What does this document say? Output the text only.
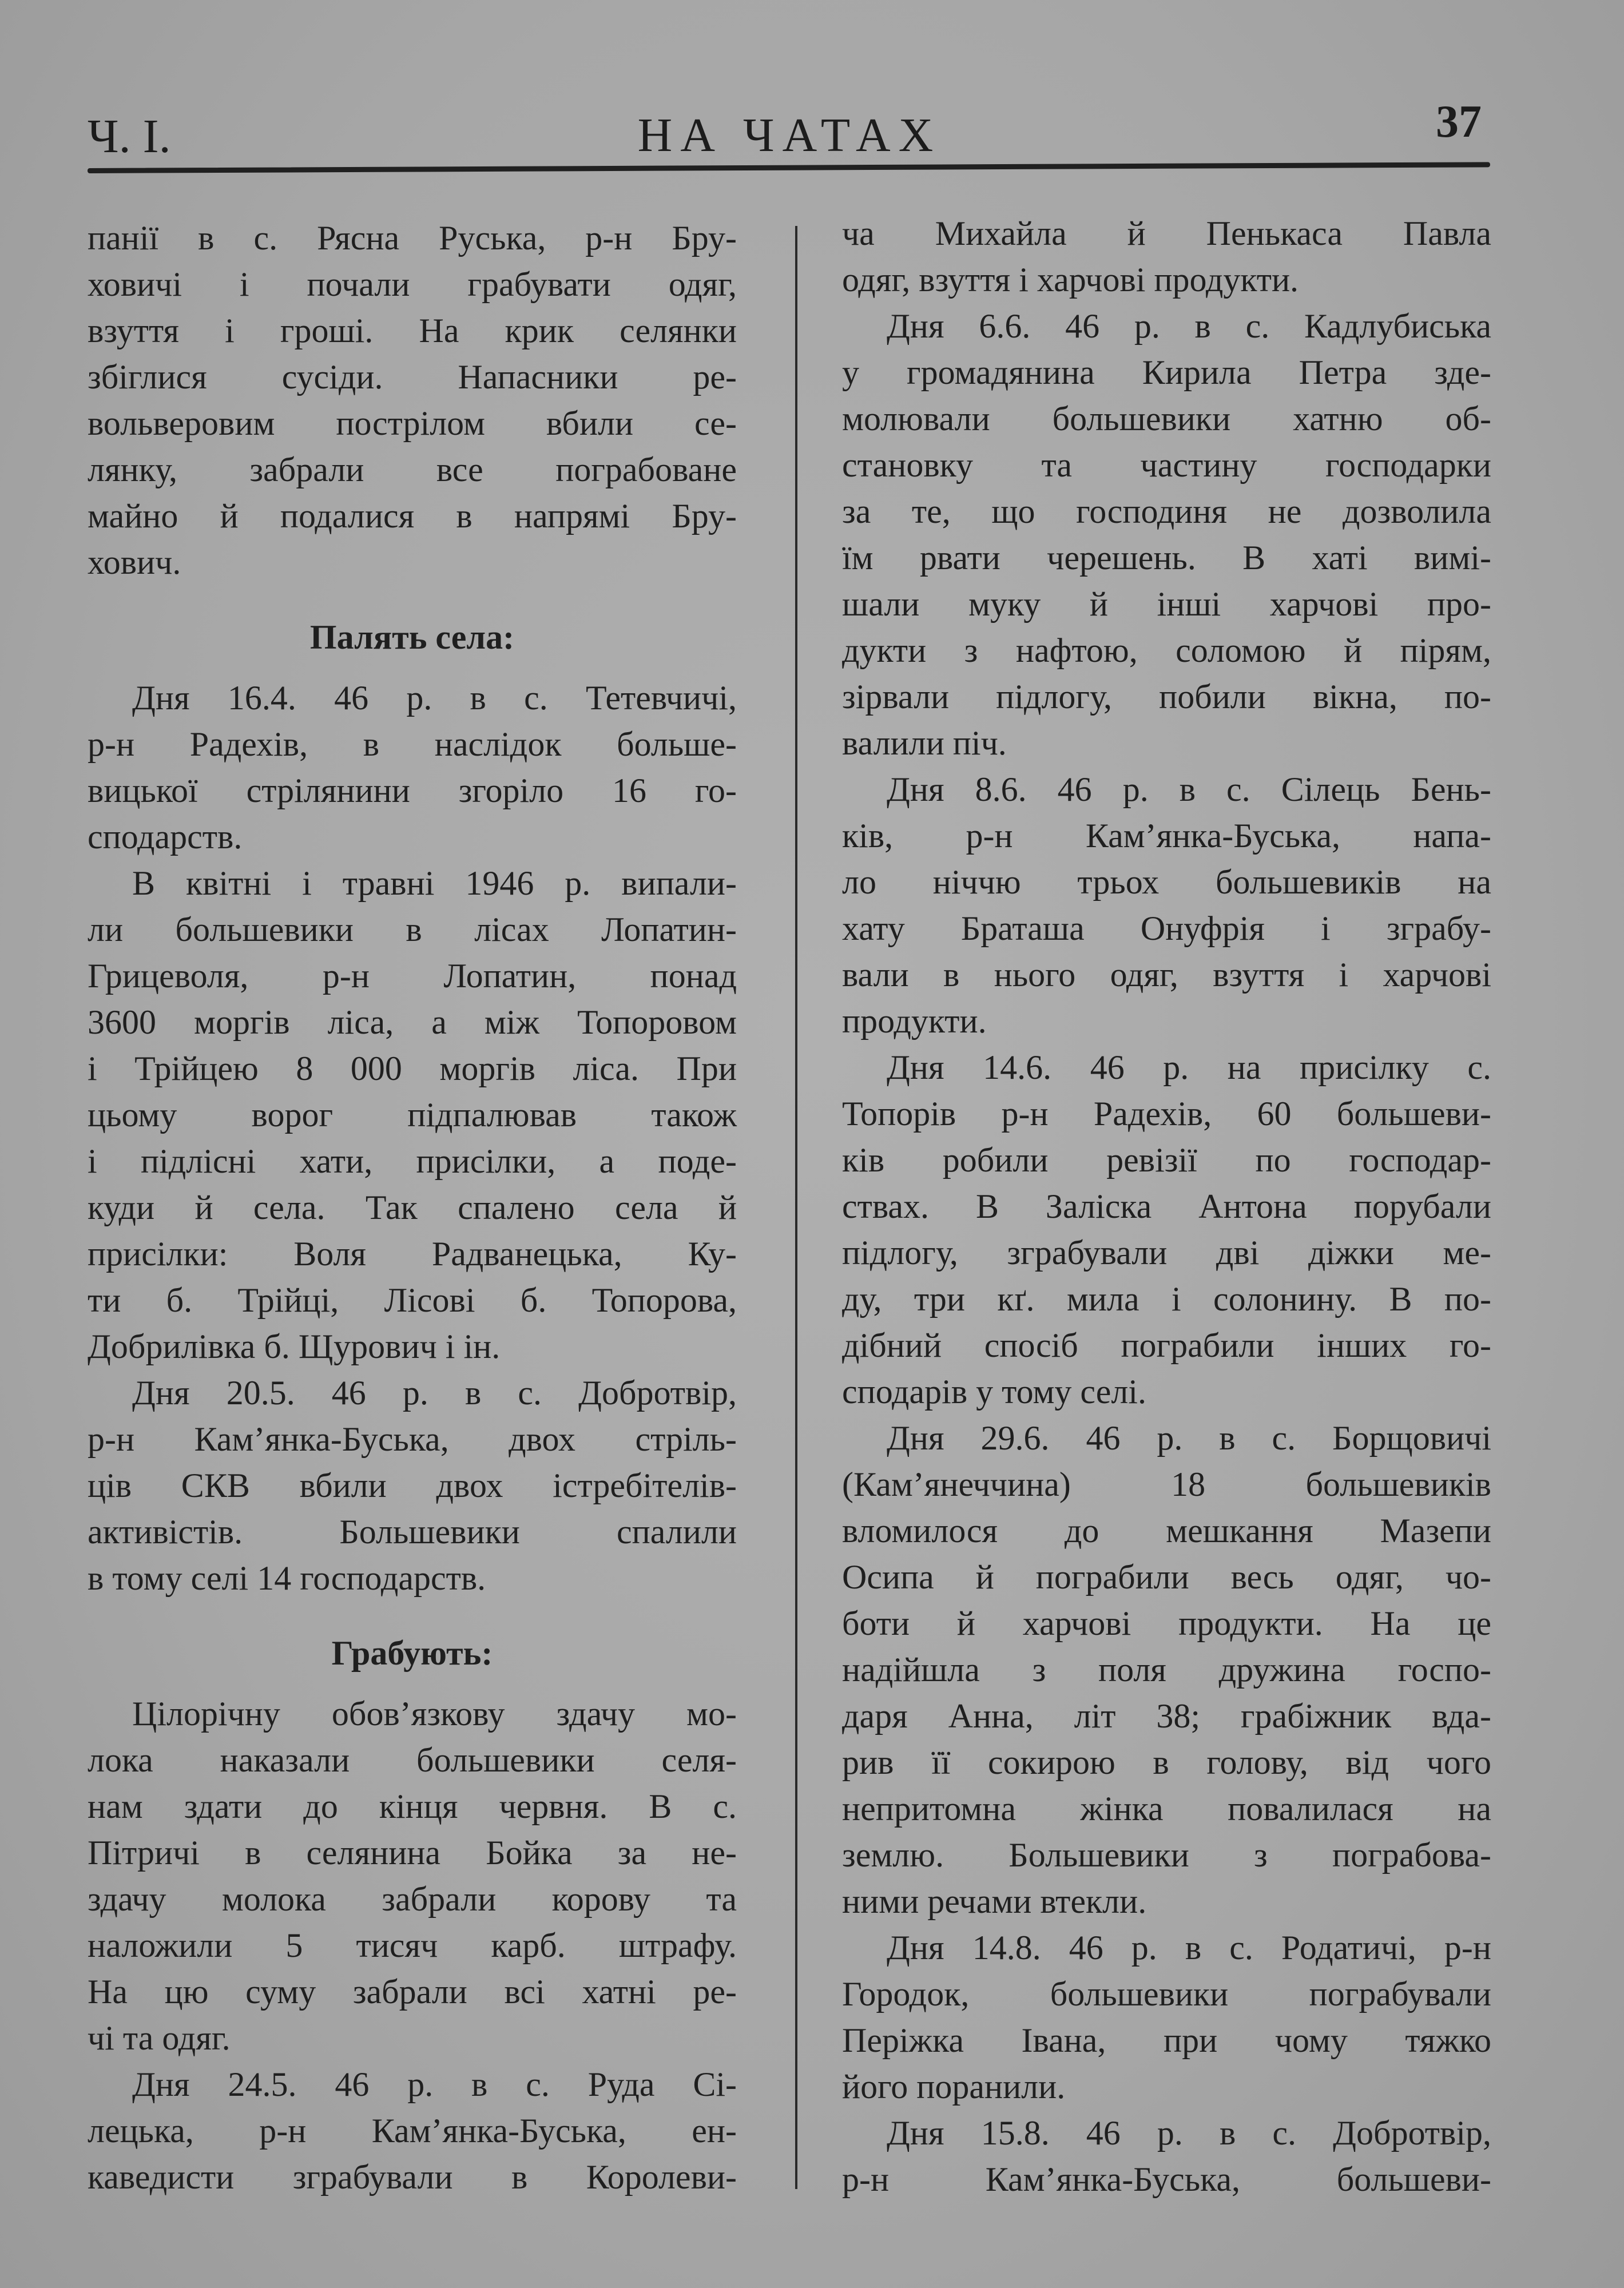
Ч. І.	НА ЧАТАХ	37
панії в с. Рясна Руська, р-н Бру-
ховичі і почали грабувати одяг,
взуття і гроші. На крик селянки
збіглися сусіди. Напасники ре-
вольверовим пострілом вбили се-
лянку, забрали все пограбоване
майно й подалися в напрямі Бру-
хович.
Палять села:
Дня 16.4. 46 р. в с. Тетевчичі,
р-н Радехів, в наслідок больше-
вицької стрілянини згоріло 16 го-
сподарств.
В квітні і травні 1946 р. випали-
ли большевики в лісах Лопатин-
Грицеволя, р-н Лопатин, понад
3600 моргів ліса, а між Топоровом
і Трійцею 8 000 моргів ліса. При
цьому ворог підпалював також
і підлісні хати, присілки, а поде-
куди й села. Так спалено села й
присілки: Воля Радванецька, Ку-
ти б. Трійці, Лісові б. Топорова,
Добрилівка б. Щурович і ін.
Дня 20.5. 46 р. в с. Добротвір,
р-н Кам’янка-Буська, двох стріль-
ців СКВ вбили двох істребітелів-
активістів. Большевики спалили
в тому селі 14 господарств.
Грабують:
Цілорічну обов’язкову здачу мо-
лока наказали большевики селя-
нам здати до кінця червня. В с.
Пітричі в селянина Бойка за не-
здачу молока забрали корову та
наложили 5 тисяч карб. штрафу.
На цю суму забрали всі хатні ре-
чі та одяг.
Дня 24.5. 46 р. в с. Руда Сі-
лецька, р-н Кам’янка-Буська, ен-
каведисти зграбували в Королеви-
ча Михайла й Пенькаса Павла
одяг, взуття і харчові продукти.
Дня 6.6. 46 р. в с. Кадлубиська
у громадянина Кирила Петра зде-
молювали большевики хатню об-
становку та частину господарки
за те, що господиня не дозволила
їм рвати черешень. В хаті вимі-
шали муку й інші харчові про-
дукти з нафтою, соломою й пірям,
зірвали підлогу, побили вікна, по-
валили піч.
Дня 8.6. 46 р. в с. Сілець Бень-
ків, р-н Кам’янка-Буська, напа-
ло ніччю трьох большевиків на
хату Браташа Онуфрія і зграбу-
вали в нього одяг, взуття і харчові
продукти.
Дня 14.6. 46 р. на присілку с.
Топорів р-н Радехів, 60 большеви-
ків робили ревізії по господар-
ствах. В Заліска Антона порубали
підлогу, зграбували дві діжки ме-
ду, три кґ. мила і солонину. В по-
дібний спосіб пограбили інших го-
сподарів у тому селі.
Дня 29.6. 46 р. в с. Борщовичі
(Кам’янеччина) 18 большевиків
вломилося до мешкання Мазепи
Осипа й пограбили весь одяг, чо-
боти й харчові продукти. На це
надійшла з поля дружина госпо-
даря Анна, літ 38; грабіжник вда-
рив її сокирою в голову, від чого
непритомна жінка повалилася на
землю. Большевики з пограбова-
ними речами втекли.
Дня 14.8. 46 р. в с. Родатичі, р-н
Городок, большевики пограбували
Періжка Івана, при чому тяжко
його поранили.
Дня 15.8. 46 р. в с. Добротвір,
р-н Кам’янка-Буська, большеви-
